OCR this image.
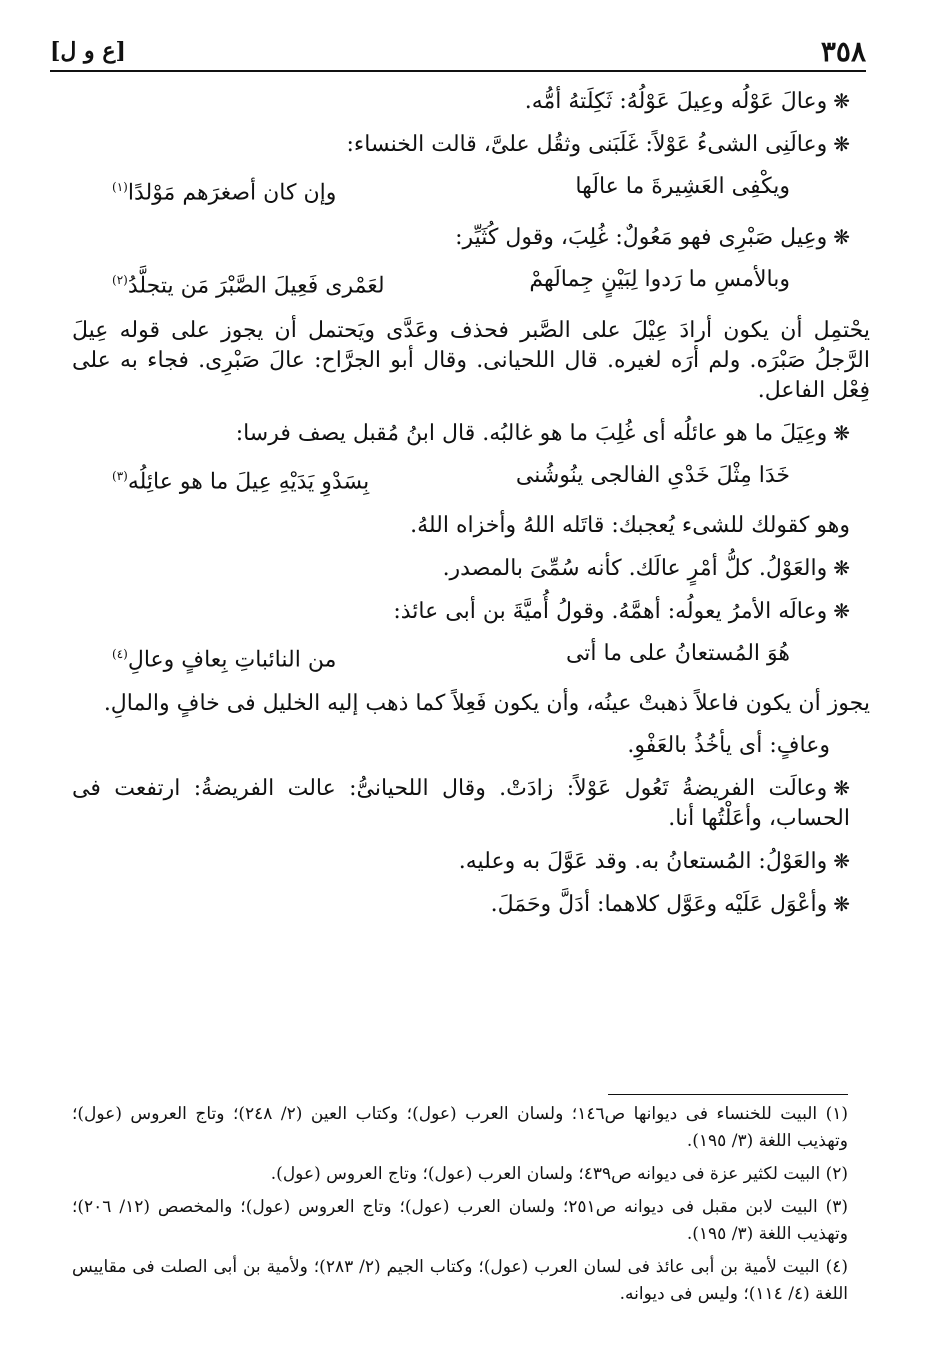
٣٥٨
[ع و ل]

❋وعالَ عَوْلُه وعِيلَ عَوْلُهُ: ثَكِلَتهُ أمُّه.

❋وعالَنِى الشىءُ عَوْلاً: غَلَبَنى وثقُل علىَّ، قالت الخنساء:

ويكْفِى العَشِيرةَ ما عالَها
وإن كان أصغرَهم مَوْلدًا$^{(١)}$

❋وعِيل صَبْرِى فهو مَعُولٌ: غُلِبَ، وقول كُثَيِّر:

وبالأمسِ ما رَدوا لِبَيْنٍ جِمالَهمْ
لعَمْرى فَعِيلَ الصَّبْرَ مَن يتجلَّدُ$^{(٢)}$

يحْتمِل أن يكون أرادَ عِيْلَ على الصَّبر فحذف وعَدَّى ويَحتمل أن يجوز على قوله عِيلَ الرَّجلُ صَبْرَه. ولم أرَه لغيره. قال اللحيانى. وقال أبو الجرَّاح: عالَ صَبْرِى. فجاء به على فِعْل الفاعل.

❋وعِيَلَ ما هو عائلُه أى غُلِبَ ما هو غالبُه. قال ابنُ مُقبل يصف فرسا:

خَدَا مِثْلَ خَدْىِ الفالجى ينُوشُنى
بِسَدْوِ يَدَيْهِ عِيلَ ما هو عائِلُه$^{(٣)}$

وهو كقولك للشىء يُعجبك: قاتَله اللهُ وأخزاه اللهُ.

❋والعَوْلُ. كلُّ أمْرٍ عالَك. كأنه سُمِّىَ بالمصدر.

❋وعالَه الأمرُ يعولُه: أهمَّهُ. وقولُ أُميَّةَ بن أبى عائذ:

هُوَ المُستعانُ على ما أتى
من النائباتِ بِعافٍ وعالِ$^{(٤)}$

يجوز أن يكون فاعلاً ذهبتْ عينُه، وأن يكون فَعِلاً كما ذهب إليه الخليل فى خافٍ والمالِ.

وعافٍ: أى يأخُذُ بالعَفْوِ.

❋وعالَت الفريضةُ تَعُول عَوْلاً: زادَتْ. وقال اللحيانىُّ: عالت الفريضةُ: ارتفعت فى الحساب، وأعَلْتُها أنا.

❋والعَوْلُ: المُستعانُ به. وقد عَوَّلَ به وعليه.

❋وأعْوَل عَلَيْه وعَوَّل كلاهما: أدَلَّ وحَمَلَ.

(١) البيت للخنساء فى ديوانها ص١٤٦؛ ولسان العرب (عول)؛ وكتاب العين (٢/ ٢٤٨)؛ وتاج العروس (عول)؛ وتهذيب اللغة (٣/ ١٩٥).

(٢) البيت لكثير عزة فى ديوانه ص٤٣٩؛ ولسان العرب (عول)؛ وتاج العروس (عول).

(٣) البيت لابن مقبل فى ديوانه ص٢٥١؛ ولسان العرب (عول)؛ وتاج العروس (عول)؛ والمخصص (١٢/ ٢٠٦)؛ وتهذيب اللغة (٣/ ١٩٥).

(٤) البيت لأمية بن أبى عائذ فى لسان العرب (عول)؛ وكتاب الجيم (٢/ ٢٨٣)؛ ولأمية بن أبى الصلت فى مقاييس اللغة (٤/ ١١٤)؛ وليس فى ديوانه.
